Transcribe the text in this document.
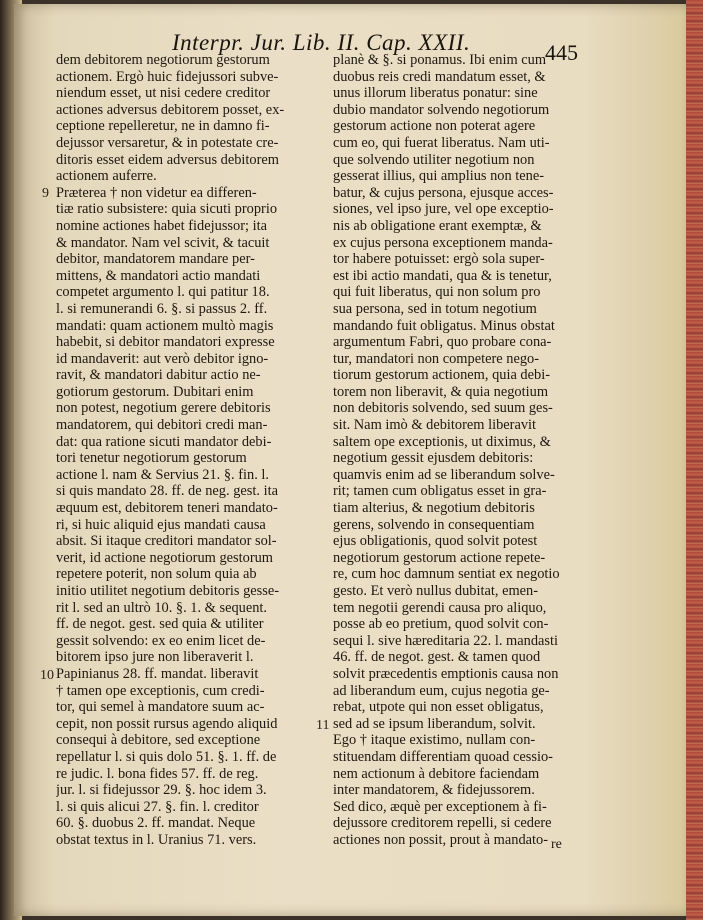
Interpr. Jur. Lib. II. Cap. XXII.	445
9
10
11
dem debitorem negotiorum gestorum
actionem. Ergò huic fidejussori subve-
niendum esset, ut nisi cedere creditor
actiones adversus debitorem posset, ex-
ceptione repelleretur, ne in damno fi-
dejussor versaretur, & in potestate cre-
ditoris esset eidem adversus debitorem
actionem auferre.
Præterea † non videtur ea differen-
tiæ ratio subsistere: quia sicuti proprio
nomine actiones habet fidejussor; ita
& mandator. Nam vel scivit, & tacuit
debitor, mandatorem mandare per-
mittens, & mandatori actio mandati
competet argumento l. qui patitur 18.
l. si remunerandi 6. §. si passus 2. ff.
mandati: quam actionem multò magis
habebit, si debitor mandatori expresse
id mandaverit: aut verò debitor igno-
ravit, & mandatori dabitur actio ne-
gotiorum gestorum. Dubitari enim
non potest, negotium gerere debitoris
mandatorem, qui debitori credi man-
dat: qua ratione sicuti mandator debi-
tori tenetur negotiorum gestorum
actione l. nam & Servius 21. §. fin. l.
si quis mandato 28. ff. de neg. gest. ita
æquum est, debitorem teneri mandato-
ri, si huic aliquid ejus mandati causa
absit. Si itaque creditori mandator sol-
verit, id actione negotiorum gestorum
repetere poterit, non solum quia ab
initio utilitet negotium debitoris gesse-
rit l. sed an ultrò 10. §. 1. & sequent.
ff. de negot. gest. sed quia & utiliter
gessit solvendo: ex eo enim licet de-
bitorem ipso jure non liberaverit l.
Papinianus 28. ff. mandat. liberavit
† tamen ope exceptionis, cum credi-
tor, qui semel à mandatore suum ac-
cepit, non possit rursus agendo aliquid
consequi à debitore, sed exceptione
repellatur l. si quis dolo 51. §. 1. ff. de
re judic. l. bona fides 57. ff. de reg.
jur. l. si fidejussor 29. §. hoc idem 3.
l. si quis alicui 27. §. fin. l. creditor
60. §. duobus 2. ff. mandat. Neque
obstat textus in l. Uranius 71. vers.
planè & §. si ponamus. Ibi enim cum
duobus reis credi mandatum esset, &
unus illorum liberatus ponatur: sine
dubio mandator solvendo negotiorum
gestorum actione non poterat agere
cum eo, qui fuerat liberatus. Nam uti-
que solvendo utiliter negotium non
gesserat illius, qui amplius non tene-
batur, & cujus persona, ejusque acces-
siones, vel ipso jure, vel ope exceptio-
nis ab obligatione erant exemptæ, &
ex cujus persona exceptionem manda-
tor habere potuisset: ergò sola super-
est ibi actio mandati, qua & is tenetur,
qui fuit liberatus, qui non solum pro
sua persona, sed in totum negotium
mandando fuit obligatus. Minus obstat
argumentum Fabri, quo probare cona-
tur, mandatori non competere nego-
tiorum gestorum actionem, quia debi-
torem non liberavit, & quia negotium
non debitoris solvendo, sed suum ges-
sit. Nam imò & debitorem liberavit
saltem ope exceptionis, ut diximus, &
negotium gessit ejusdem debitoris:
quamvis enim ad se liberandum solve-
rit; tamen cum obligatus esset in gra-
tiam alterius, & negotium debitoris
gerens, solvendo in consequentiam
ejus obligationis, quod solvit potest
negotiorum gestorum actione repete-
re, cum hoc damnum sentiat ex negotio
gesto. Et verò nullus dubitat, emen-
tem negotii gerendi causa pro aliquo,
posse ab eo pretium, quod solvit con-
sequi l. sive hæreditaria 22. l. mandasti
46. ff. de negot. gest. & tamen quod
solvit præcedentis emptionis causa non
ad liberandum eum, cujus negotia ge-
rebat, utpote qui non esset obligatus,
sed ad se ipsum liberandum, solvit.
Ego † itaque existimo, nullam con-
stituendam differentiam quoad cessio-
nem actionum à debitore faciendam
inter mandatorem, & fidejussorem.
Sed dico, æquè per exceptionem à fi-
dejussore creditorem repelli, si cedere
actiones non possit, prout à mandato- re
